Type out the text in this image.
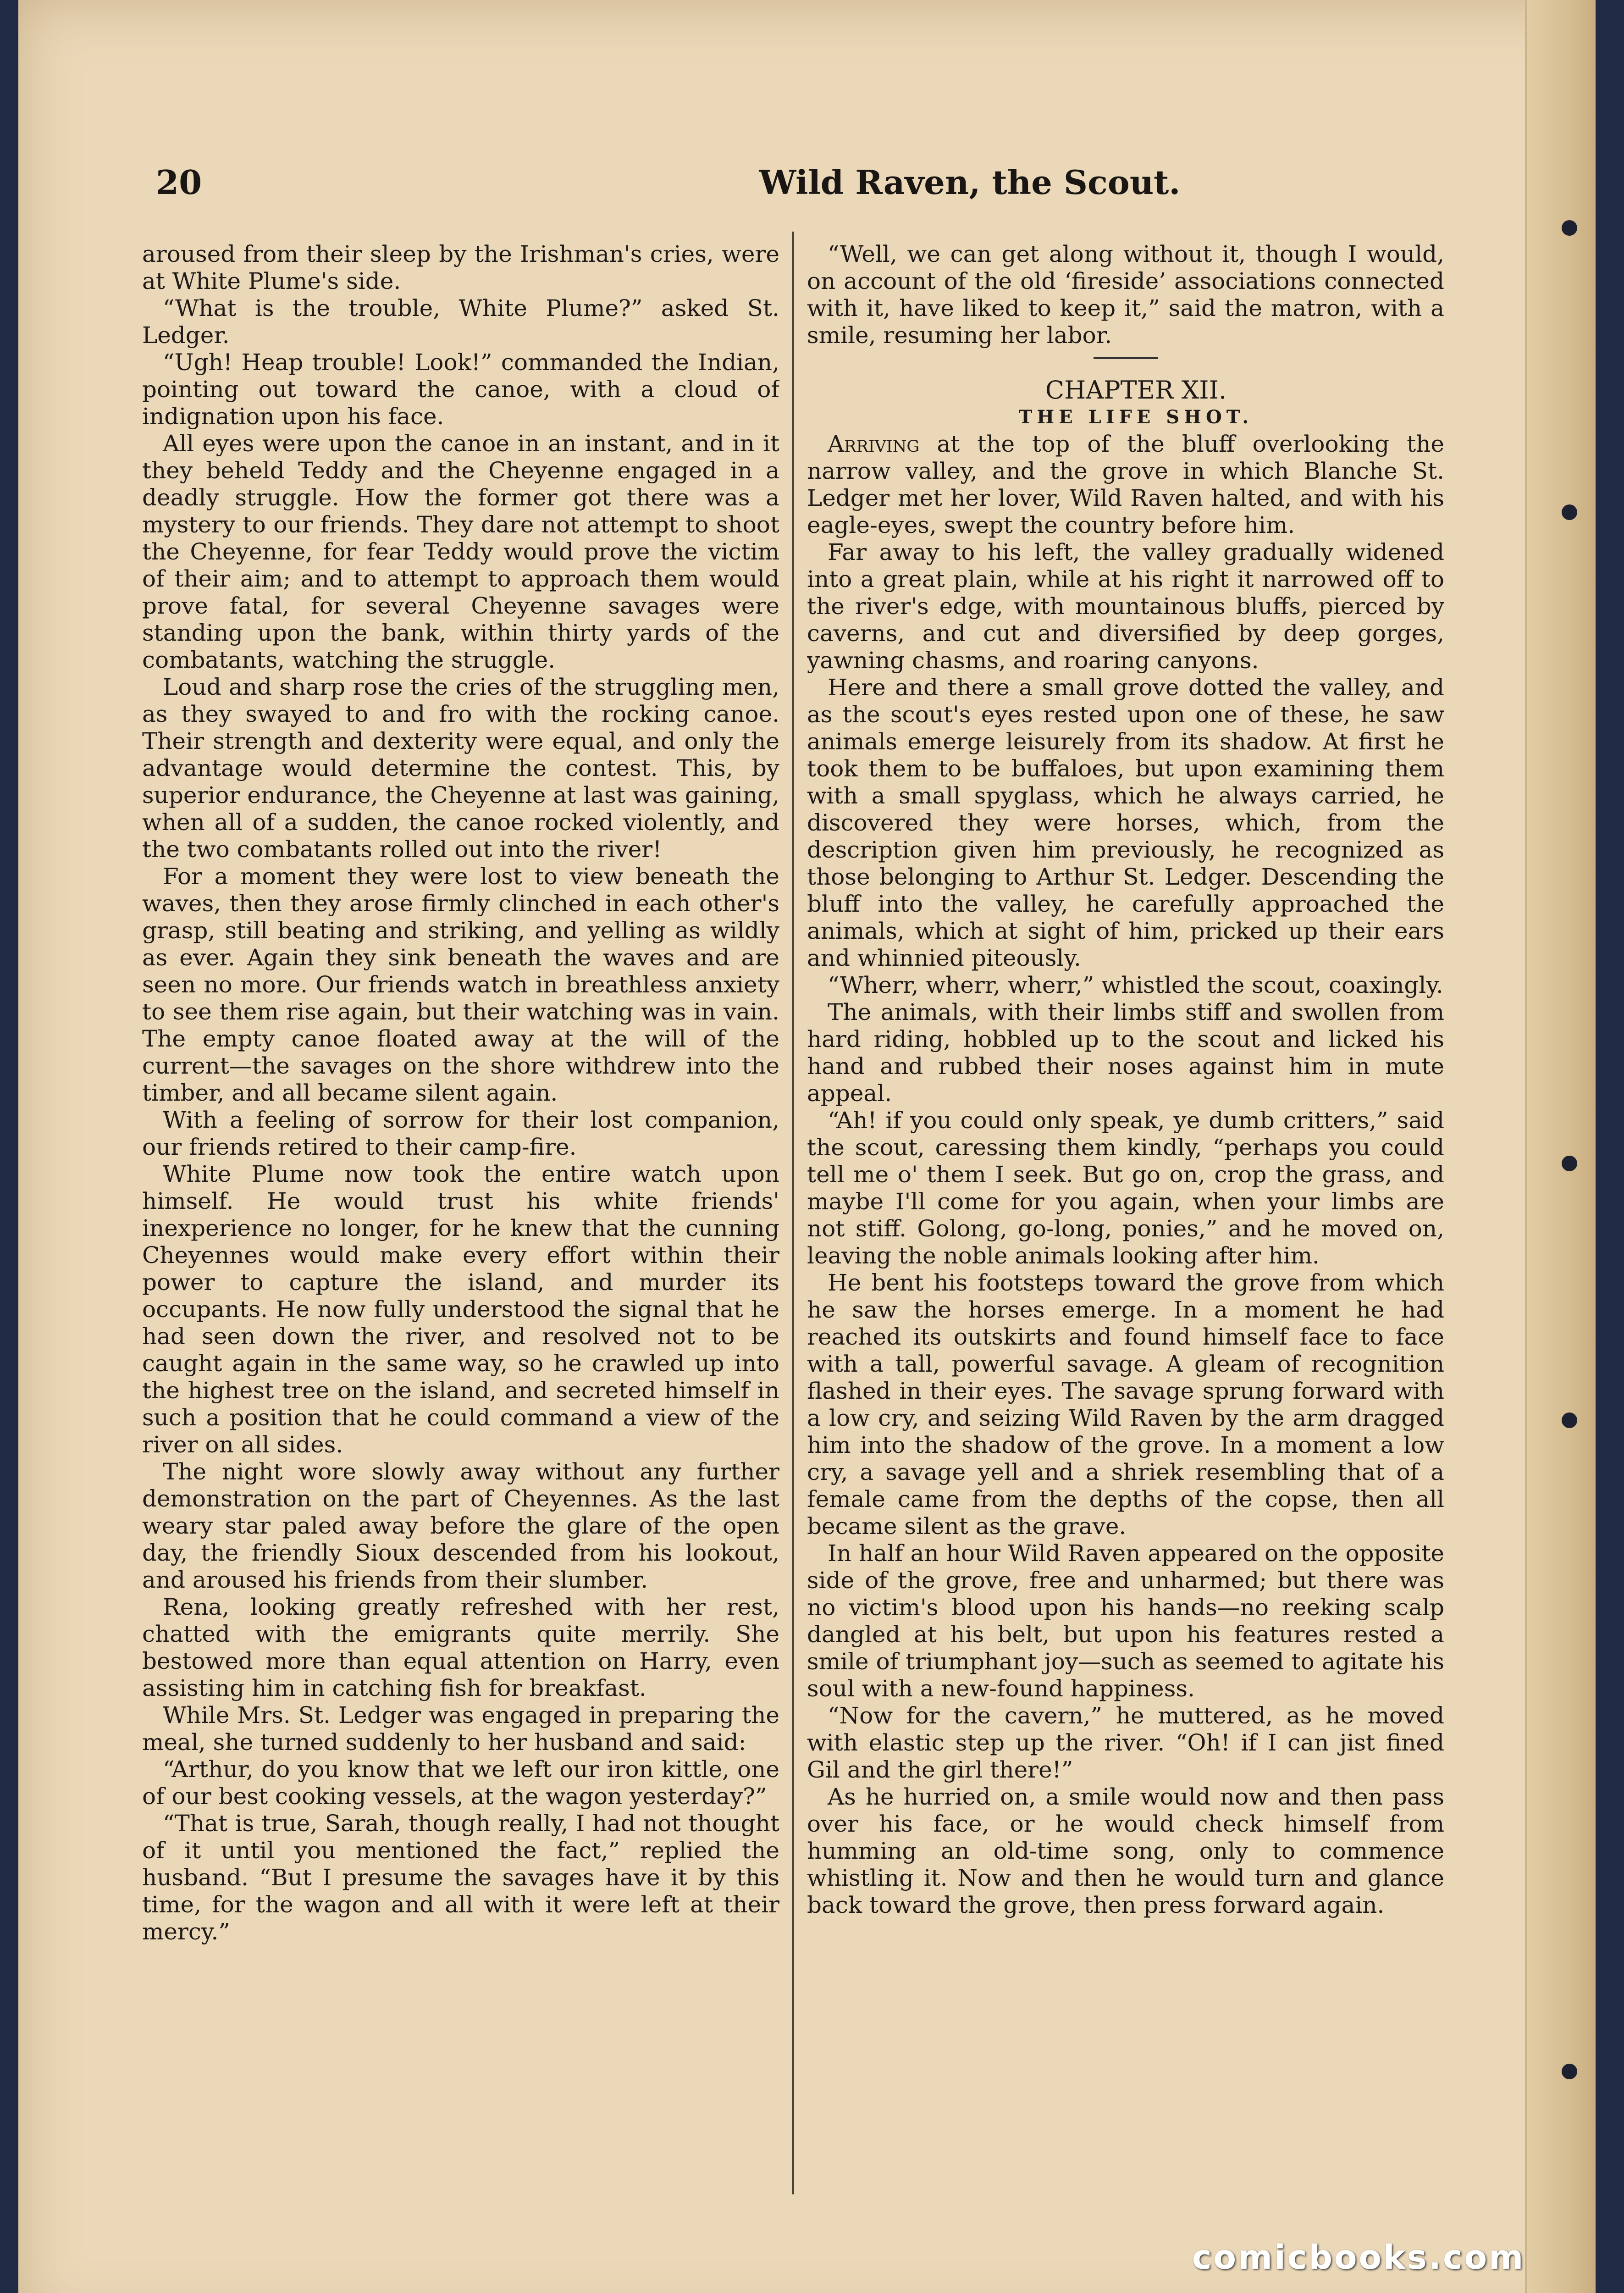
20	Wild Raven, the Scout.

aroused from their sleep by the Irishman's cries, were at White Plume's side.

“What is the trouble, White Plume?” asked St. Ledger.

“Ugh! Heap trouble! Look!” commanded the Indian, pointing out toward the canoe, with a cloud of indignation upon his face.

All eyes were upon the canoe in an instant, and in it they beheld Teddy and the Cheyenne engaged in a deadly struggle. How the former got there was a mystery to our friends. They dare not attempt to shoot the Cheyenne, for fear Teddy would prove the victim of their aim; and to attempt to approach them would prove fatal, for several Cheyenne savages were standing upon the bank, within thirty yards of the combatants, watching the struggle.

Loud and sharp rose the cries of the struggling men, as they swayed to and fro with the rocking canoe. Their strength and dexterity were equal, and only the advantage would determine the contest. This, by superior endurance, the Cheyenne at last was gaining, when all of a sudden, the canoe rocked violently, and the two combatants rolled out into the river!

For a moment they were lost to view beneath the waves, then they arose firmly clinched in each other's grasp, still beating and striking, and yelling as wildly as ever. Again they sink beneath the waves and are seen no more. Our friends watch in breathless anxiety to see them rise again, but their watching was in vain. The empty canoe floated away at the will of the current—the savages on the shore withdrew into the timber, and all became silent again.

With a feeling of sorrow for their lost companion, our friends retired to their camp-fire.

White Plume now took the entire watch upon himself. He would trust his white friends' inexperience no longer, for he knew that the cunning Cheyennes would make every effort within their power to capture the island, and murder its occupants. He now fully understood the signal that he had seen down the river, and resolved not to be caught again in the same way, so he crawled up into the highest tree on the island, and secreted himself in such a position that he could command a view of the river on all sides.

The night wore slowly away without any further demonstration on the part of Cheyennes. As the last weary star paled away before the glare of the open day, the friendly Sioux descended from his lookout, and aroused his friends from their slumber.

Rena, looking greatly refreshed with her rest, chatted with the emigrants quite merrily. She bestowed more than equal attention on Harry, even assisting him in catching fish for breakfast.

While Mrs. St. Ledger was engaged in preparing the meal, she turned suddenly to her husband and said:

“Arthur, do you know that we left our iron kittle, one of our best cooking vessels, at the wagon yesterday?”

“That is true, Sarah, though really, I had not thought of it until you mentioned the fact,” replied the husband. “But I presume the savages have it by this time, for the wagon and all with it were left at their mercy.”

“Well, we can get along without it, though I would, on account of the old ‘fireside’ associations connected with it, have liked to keep it,” said the matron, with a smile, resuming her labor.

CHAPTER XII.

THE LIFE SHOT.

Arriving at the top of the bluff overlooking the narrow valley, and the grove in which Blanche St. Ledger met her lover, Wild Raven halted, and with his eagle-eyes, swept the country before him.

Far away to his left, the valley gradually widened into a great plain, while at his right it narrowed off to the river's edge, with mountainous bluffs, pierced by caverns, and cut and diversified by deep gorges, yawning chasms, and roaring canyons.

Here and there a small grove dotted the valley, and as the scout's eyes rested upon one of these, he saw animals emerge leisurely from its shadow. At first he took them to be buffaloes, but upon examining them with a small spyglass, which he always carried, he discovered they were horses, which, from the description given him previously, he recognized as those belonging to Arthur St. Ledger. Descending the bluff into the valley, he carefully approached the animals, which at sight of him, pricked up their ears and whinnied piteously.

“Wherr, wherr, wherr,” whistled the scout, coaxingly.

The animals, with their limbs stiff and swollen from hard riding, hobbled up to the scout and licked his hand and rubbed their noses against him in mute appeal.

“Ah! if you could only speak, ye dumb critters,” said the scout, caressing them kindly, “perhaps you could tell me o' them I seek. But go on, crop the grass, and maybe I'll come for you again, when your limbs are not stiff. Golong, go-long, ponies,” and he moved on, leaving the noble animals looking after him.

He bent his footsteps toward the grove from which he saw the horses emerge. In a moment he had reached its outskirts and found himself face to face with a tall, powerful savage. A gleam of recognition flashed in their eyes. The savage sprung forward with a low cry, and seizing Wild Raven by the arm dragged him into the shadow of the grove. In a moment a low cry, a savage yell and a shriek resembling that of a female came from the depths of the copse, then all became silent as the grave.

In half an hour Wild Raven appeared on the opposite side of the grove, free and unharmed; but there was no victim's blood upon his hands—no reeking scalp dangled at his belt, but upon his features rested a smile of triumphant joy—such as seemed to agitate his soul with a new-found happiness.

“Now for the cavern,” he muttered, as he moved with elastic step up the river. “Oh! if I can jist fined Gil and the girl there!”

As he hurried on, a smile would now and then pass over his face, or he would check himself from humming an old-time song, only to commence whistling it. Now and then he would turn and glance back toward the grove, then press forward again.

comicbooks.com
